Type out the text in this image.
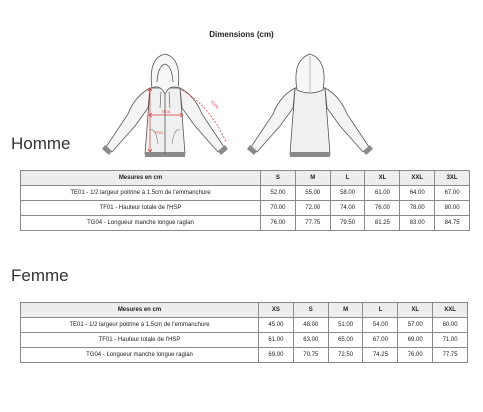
Dimensions (cm)
TE01
TF01
TG04
Homme
Mesures en cm	S	M	L	XL	XXL	3XL
TE01 - 1/2 largeur poitrine à 1.5cm de l'emmanchure	52.00	55.00	58.00	61.00	64.00	67.00
TF01 - Hauteur totale de l'HSP	70.00	72.00	74.00	76.00	78.00	80.00
TG04 - Longueur manche longue raglan	76.00	77.75	79.50	81.25	83.00	84.75
Femme
Mesures en cm	XS	S	M	L	XL	XXL
TE01 - 1/2 largeur poitrine à 1.5cm de l'emmanchure	45.00	48.00	51.00	54.00	57.00	60.00
TF01 - Hauteur totale de l'HSP	61.00	63.00	65.00	67.00	69.00	71.00
TG04 - Longueur manche longue raglan	69.00	70.75	72.50	74.25	76.00	77.75
